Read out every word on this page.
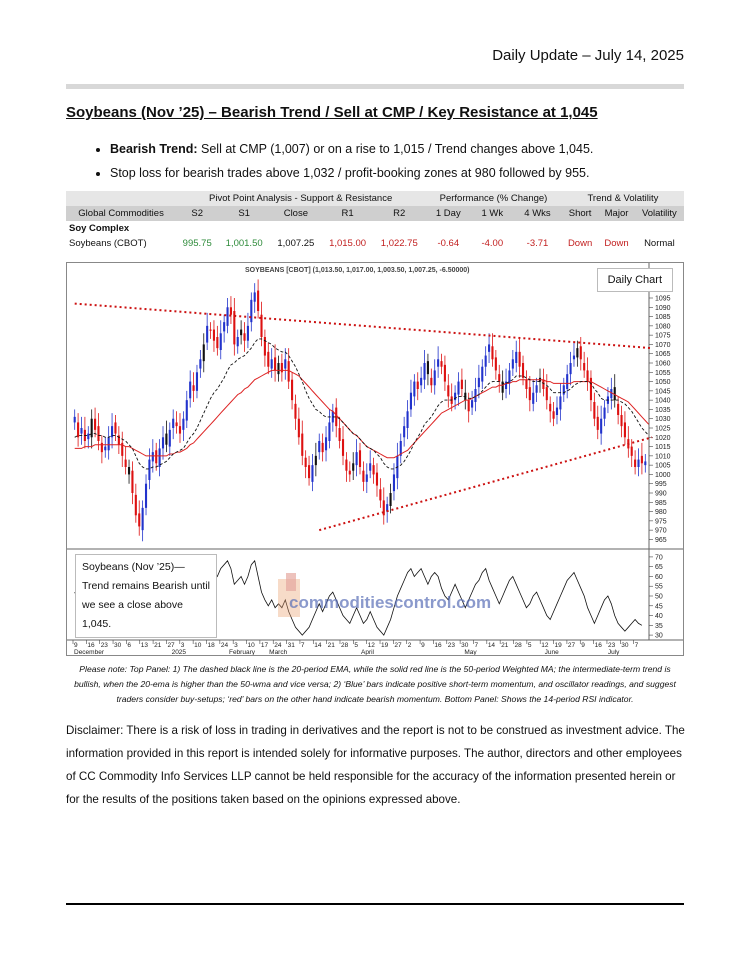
Daily Update – July 14, 2025
Soybeans (Nov ’25) – Bearish Trend / Sell at CMP / Key Resistance at 1,045
• Bearish Trend: Sell at CMP (1,007) or on a rise to 1,015 / Trend changes above 1,045.
• Stop loss for bearish trades above 1,032 / profit-booking zones at 980 followed by 955.
	Pivot Point Analysis - Support & Resistance					Performance (% Change)			Trend & Volatility		
Global Commodities	S2	S1	Close	R1	R2	1 Day	1 Wk	4 Wks	Short	Major	Volatility
Soy Complex											
Soybeans (CBOT)	995.75	1,001.50	1,007.25	1,015.00	1,022.75	-0.64	-4.00	-3.71	Down	Down	Normal
1095
1090
1085
1080
1075
1070
1065
1060
1055
1050
1045
1040
1035
1030
1025
1020
1015
1010
1005
1000
995
990
985
980
975
970
965
70
65
60
55
50
45
40
35
30
9 16 23 30 6 13 21 27 3 10 18 24 3 10 17 24 31 7 14 21 28 5 12 19 27 2 9 16 23 30 7 14 21 28 5 12 19 27 9 16 23 30 7
December	2025	February March	April	May	June	July
SOYBEANS [CBOT] (1,013.50, 1,017.00, 1,003.50, 1,007.25, -6.50000)
Daily Chart
commoditiescontrol.com
Soybeans (Nov ’25)—Trend remains Bearish until we see a close above 1,045.
Please note: Top Panel: 1) The dashed black line is the 20-period EMA, while the solid red line is the 50-period Weighted MA; the intermediate-term trend is bullish, when the 20-ema is higher than the 50-wma and vice versa; 2) ‘Blue’ bars indicate positive short-term momentum, and oscillator readings, and suggest traders consider buy-setups; ‘red’ bars on the other hand indicate bearish momentum. Bottom Panel: Shows the 14-period RSI indicator.
Disclaimer: There is a risk of loss in trading in derivatives and the report is not to be construed as investment advice. The information provided in this report is intended solely for informative purposes. The author, directors and other employees of CC Commodity Info Services LLP cannot be held responsible for the accuracy of the information presented herein or for the results of the positions taken based on the opinions expressed above.
